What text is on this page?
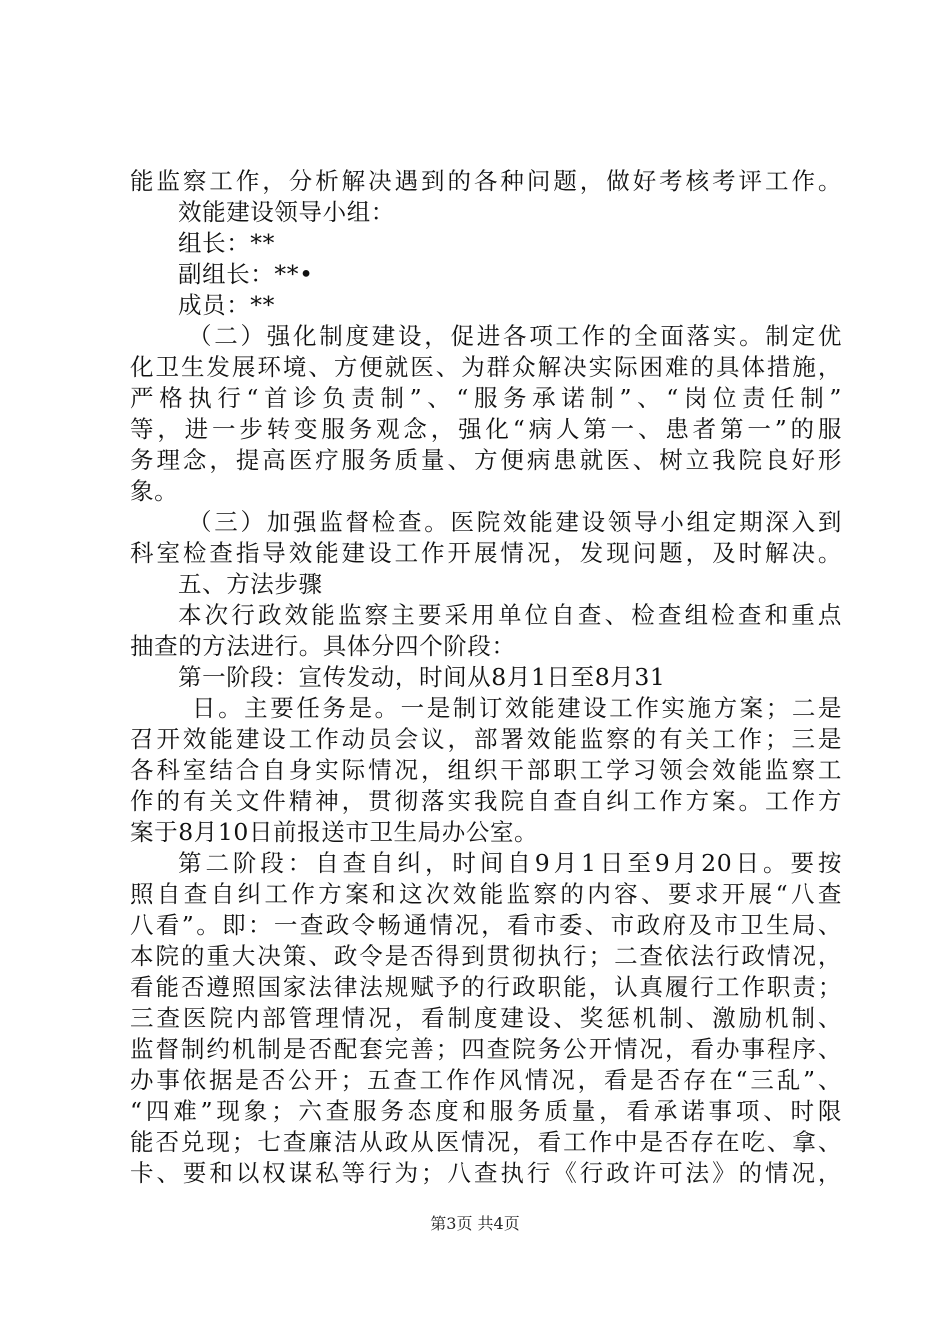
能监察工作，分析解决遇到的各种问题，做好考核考评工作。
效能建设领导小组：
组长：**
副组长：**•
成员：**
（二）强化制度建设，促进各项工作的全面落实。制定优
化卫生发展环境、方便就医、为群众解决实际困难的具体措施，
严格执行“首诊负责制”、“服务承诺制”、“岗位责任制”
等，进一步转变服务观念，强化“病人第一、患者第一”的服
务理念，提高医疗服务质量、方便病患就医、树立我院良好形
象。
（三）加强监督检查。医院效能建设领导小组定期深入到
科室检查指导效能建设工作开展情况，发现问题，及时解决。
五、方法步骤
本次行政效能监察主要采用单位自查、检查组检查和重点
抽查的方法进行。具体分四个阶段：
第一阶段：宣传发动，时间从8月1日至8月31
日。主要任务是。一是制订效能建设工作实施方案；二是
召开效能建设工作动员会议，部署效能监察的有关工作；三是
各科室结合自身实际情况，组织干部职工学习领会效能监察工
作的有关文件精神，贯彻落实我院自查自纠工作方案。工作方
案于8月10日前报送市卫生局办公室。
第二阶段：自查自纠，时间自9月1日至9月20日。要按
照自查自纠工作方案和这次效能监察的内容、要求开展“八查
八看”。即：一查政令畅通情况，看市委、市政府及市卫生局、
本院的重大决策、政令是否得到贯彻执行；二查依法行政情况，
看能否遵照国家法律法规赋予的行政职能，认真履行工作职责；
三查医院内部管理情况，看制度建设、奖惩机制、激励机制、
监督制约机制是否配套完善；四查院务公开情况，看办事程序、
办事依据是否公开；五查工作作风情况，看是否存在“三乱”、
“四难”现象；六查服务态度和服务质量，看承诺事项、时限
能否兑现；七查廉洁从政从医情况，看工作中是否存在吃、拿、
卡、要和以权谋私等行为；八查执行《行政许可法》的情况，
第3页 共4页
